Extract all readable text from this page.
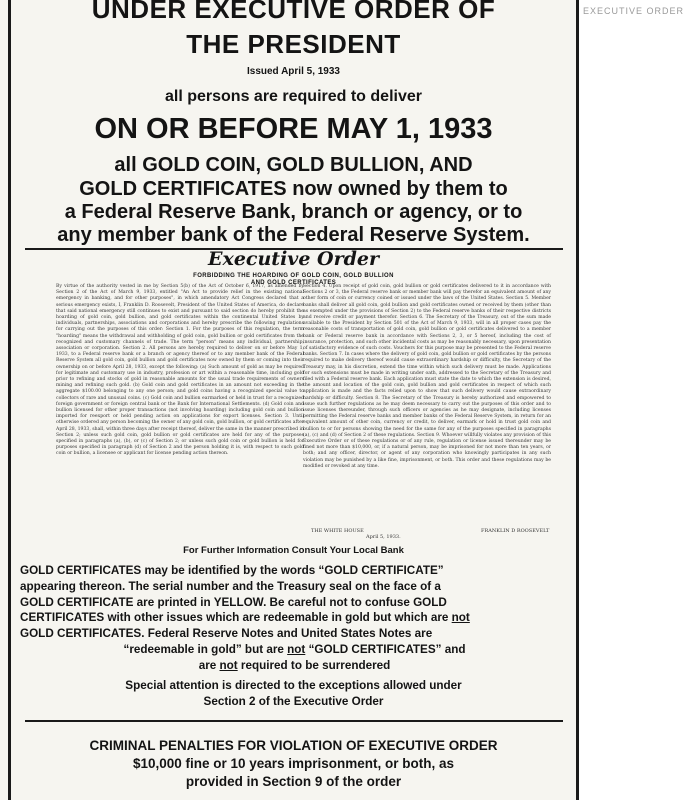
EXECUTIVE ORDER
UNDER EXECUTIVE ORDER OF
THE PRESIDENT
Issued April 5, 1933
all persons are required to deliver
ON OR BEFORE MAY 1, 1933
all GOLD COIN, GOLD BULLION, AND
GOLD CERTIFICATES now owned by them to
a Federal Reserve Bank, branch or agency, or to
any member bank of the Federal Reserve System.
Executive Order
FORBIDDING THE HOARDING OF GOLD COIN, GOLD BULLION
AND GOLD CERTIFICATES
By virtue of the authority vested in me by Section 5(b) of the Act of October 6, 1917, as amended by Section 2 of the Act of March 9, 1933, entitled "An Act to provide relief in the existing national emergency in banking, and for other purposes", in which amendatory Act Congress declared that a serious emergency exists, I, Franklin D. Roosevelt, President of the United States of America, do declare that said national emergency still continues to exist and pursuant to said section do hereby prohibit the hoarding of gold coin, gold bullion, and gold certificates within the continental United States by individuals, partnerships, associations and corporations and hereby prescribe the following regulations for carrying out the purposes of this order: Section 1. For the purposes of this regulation, the term "hoarding" means the withdrawal and withholding of gold coin, gold bullion or gold certificates from the recognized and customary channels of trade. The term "person" means any individual, partnership, association or corporation. Section 2. All persons are hereby required to deliver on or before May 1, 1933, to a Federal reserve bank or a branch or agency thereof or to any member bank of the Federal Reserve System all gold coin, gold bullion and gold certificates now owned by them or coming into their ownership on or before April 28, 1933, except the following: (a) Such amount of gold as may be required for legitimate and customary use in industry, profession or art within a reasonable time, including gold prior to refining and stocks of gold in reasonable amounts for the usual trade requirements of owners mining and refining such gold. (b) Gold coin and gold certificates in an amount not exceeding in the aggregate $100.00 belonging to any one person; and gold coins having a recognized special value to collectors of rare and unusual coins. (c) Gold coin and bullion earmarked or held in trust for a recognized foreign government or foreign central bank or the Bank for International Settlements. (d) Gold coin and bullion licensed for other proper transactions (not involving hoarding) including gold coin and bullion imported for reexport or held pending action on applications for export licenses. Section 3. Until otherwise ordered any person becoming the owner of any gold coin, gold bullion, or gold certificates after April 28, 1933, shall, within three days after receipt thereof, deliver the same in the manner prescribed in Section 2; unless such gold coin, gold bullion or gold certificates are held for any of the purposes specified in paragraphs (a), (b), or (c) of Section 2; or unless such gold coin or gold bullion is held for purposes specified in paragraph (d) of Section 2 and the person holding it is, with respect to such gold coin or bullion, a licensee or applicant for license pending action thereon.
Section 4. Upon receipt of gold coin, gold bullion or gold certificates delivered to it in accordance with Sections 2 or 3, the Federal reserve bank or member bank will pay therefor an equivalent amount of any other form of coin or currency coined or issued under the laws of the United States. Section 5. Member banks shall deliver all gold coin, gold bullion and gold certificates owned or received by them (other than as exempted under the provisions of Section 2) to the Federal reserve banks of their respective districts and receive credit or payment therefor. Section 6. The Secretary of the Treasury, out of the sum made available to the President by Section 501 of the Act of March 9, 1933, will in all proper cases pay the reasonable costs of transportation of gold coin, gold bullion or gold certificates delivered to a member bank or Federal reserve bank in accordance with Sections 2, 3, or 5 hereof, including the cost of insurance, protection, and such other incidental costs as may be reasonably necessary, upon presentation of satisfactory evidence of such costs. Vouchers for this purpose may be presented to the Federal reserve banks. Section 7. In cases where the delivery of gold coin, gold bullion or gold certificates by the persons required to make delivery thereof would cause extraordinary hardship or difficulty, the Secretary of the Treasury may, in his discretion, extend the time within which such delivery must be made. Applications for such extensions must be made in writing under oath, addressed to the Secretary of the Treasury and filed with a Federal reserve bank. Each application must state the date to which the extension is desired, the amount and location of the gold coin, gold bullion and gold certificates in respect of which such application is made and the facts relied upon to show that such delivery would cause extraordinary hardship or difficulty. Section 8. The Secretary of the Treasury is hereby authorized and empowered to issue such further regulations as he may deem necessary to carry out the purposes of this order and to issue licenses thereunder, through such officers or agencies as he may designate, including licenses permitting the Federal reserve banks and member banks of the Federal Reserve System, in return for an equivalent amount of other coin, currency or credit, to deliver, earmark or hold in trust gold coin and bullion to or for persons showing the need for the same for any of the purposes specified in paragraphs (a), (c) and (d) of Section 2 of these regulations. Section 9. Whoever willfully violates any provision of this Executive Order or of these regulations or of any rule, regulation or license issued thereunder may be fined not more than $10,000, or, if a natural person, may be imprisoned for not more than ten years, or both; and any officer, director, or agent of any corporation who knowingly participates in any such violation may be punished by a like fine, imprisonment, or both. This order and these regulations may be modified or revoked at any time.
THE WHITE HOUSE
April 5, 1933.
FRANKLIN D ROOSEVELT
For Further Information Consult Your Local Bank
GOLD CERTIFICATES may be identified by the words “GOLD CERTIFICATE”
appearing thereon. The serial number and the Treasury seal on the face of a
GOLD CERTIFICATE are printed in YELLOW. Be careful not to confuse GOLD
CERTIFICATES with other issues which are redeemable in gold but which are not
GOLD CERTIFICATES. Federal Reserve Notes and United States Notes are
“redeemable in gold” but are not “GOLD CERTIFICATES” and
are not required to be surrendered
Special attention is directed to the exceptions allowed under
Section 2 of the Executive Order
CRIMINAL PENALTIES FOR VIOLATION OF EXECUTIVE ORDER
$10,000 fine or 10 years imprisonment, or both, as
provided in Section 9 of the order
